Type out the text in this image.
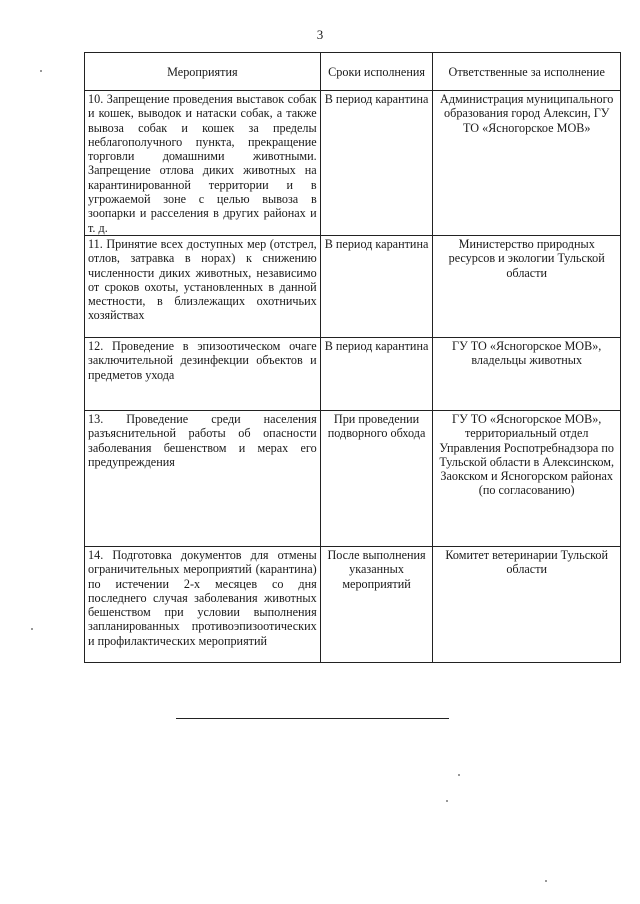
3
Мероприятия	Сроки исполнения	Ответственные за исполнение
10. Запрещение проведения выставок собак и кошек, выводок и натаски собак, а также вывоза собак и кошек за пределы неблагополучного пункта, прекращение торговли домашними животными. Запрещение отлова диких животных на карантинированной территории и в угрожаемой зоне с целью вывоза в зоопарки и расселения в других районах и т. д.	В период карантина	Администрация муниципального образования город Алексин, ГУ ТО «Ясногорское МОВ»
11. Принятие всех доступных мер (отстрел, отлов, затравка в норах) к снижению численности диких животных, независимо от сроков охоты, установленных в данной местности, в близлежащих охотничьих хозяйствах	В период карантина	Министерство природных ресурсов и экологии Тульской области
12. Проведение в эпизоотическом очаге заключительной дезинфекции объектов и предметов ухода	В период карантина	ГУ ТО «Ясногорское МОВ», владельцы животных
13. Проведение среди населения разъяснительной работы об опасности заболевания бешенством и мерах его предупреждения	При проведении подворного обхода	ГУ ТО «Ясногорское МОВ», территориальный отдел Управления Роспотребнадзора по Тульской области в Алексинском, Заокском и Ясногорском районах (по согласованию)
14. Подготовка документов для отмены ограничительных мероприятий (карантина) по истечении 2-х месяцев со дня последнего случая заболевания животных бешенством при условии выполнения запланированных противоэпизоотических и профилактических мероприятий	После выполнения указанных мероприятий	Комитет ветеринарии Тульской области
